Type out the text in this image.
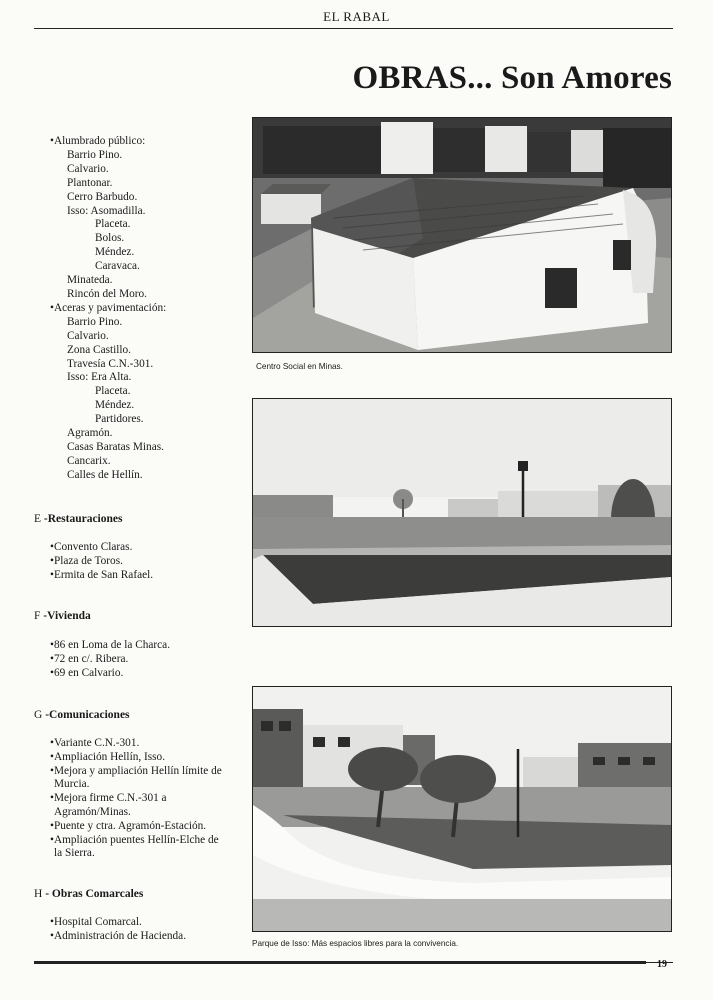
EL RABAL
OBRAS... Son Amores
•Alumbrado público:
Barrio Pino.
Calvario.
Plantonar.
Cerro Barbudo.
Isso: Asomadilla.
Placeta.
Bolos.
Méndez.
Caravaca.
Minateda.
Rincón del Moro.
•Aceras y pavimentación:
Barrio Pino.
Calvario.
Zona Castillo.
Travesía C.N.-301.
Isso: Era Alta.
Placeta.
Méndez.
Partidores.
Agramón.
Casas Baratas Minas.
Cancarix.
Calles de Hellín.
E -Restauraciones
•Convento Claras.
•Plaza de Toros.
•Ermita de San Rafael.
F -Vivienda
•86 en Loma de la Charca.
•72 en c/. Ribera.
•69 en Calvario.
G -Comunicaciones
•Variante C.N.-301.
•Ampliación Hellín, Isso.
•Mejora y ampliación Hellín límite de
Murcia.
•Mejora firme C.N.-301 a
Agramón/Minas.
•Puente y ctra. Agramón-Estación.
•Ampliación puentes Hellín-Elche de
la Sierra.
H - Obras Comarcales
•Hospital Comarcal.
•Administración de Hacienda.
Centro Social en Minas.
Parque de Isso: Más espacios libres para la convivencia.
19
